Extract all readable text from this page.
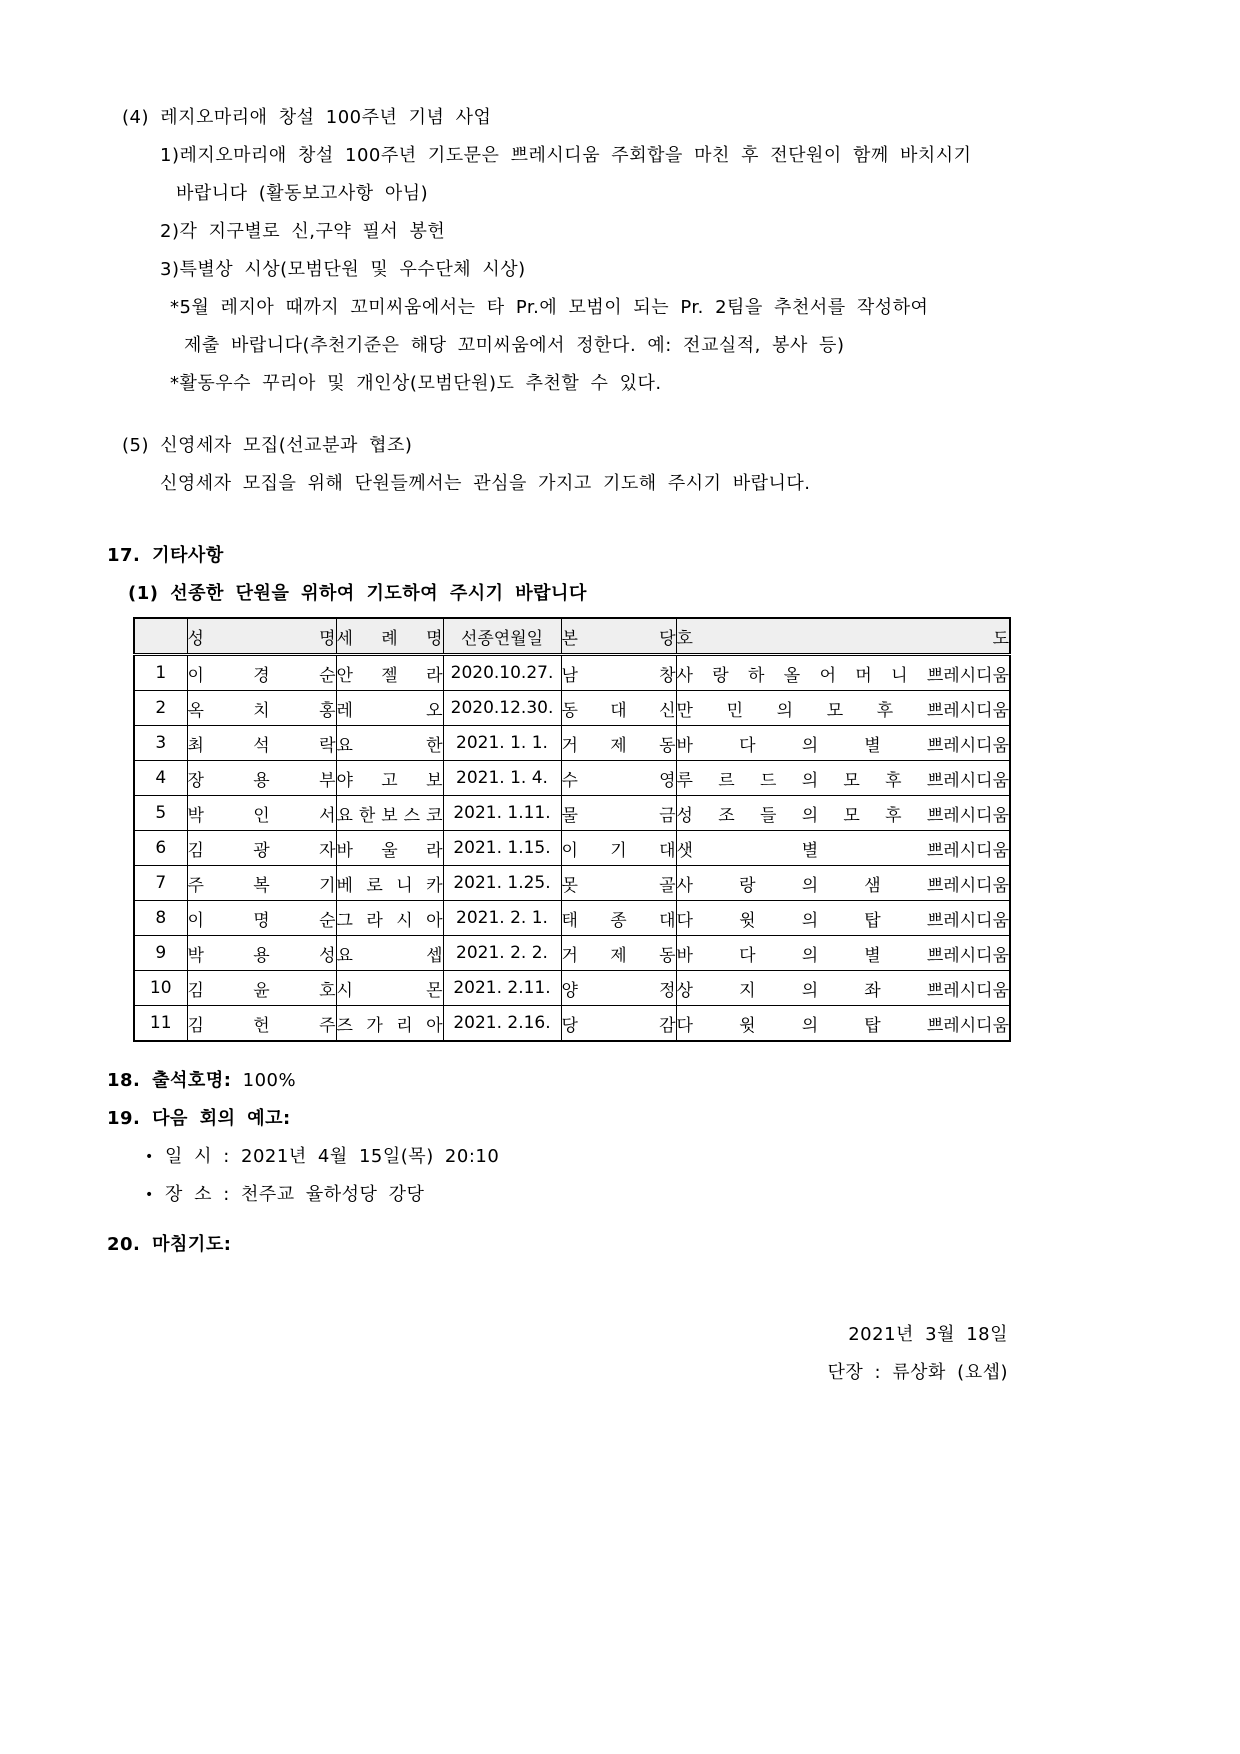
(4) 레지오마리애 창설 100주년 기념 사업
1)레지오마리애 창설 100주년 기도문은 쁘레시디움 주회합을 마친 후 전단원이 함께 바치시기
바랍니다 (활동보고사항 아님)
2)각 지구별로 신,구약 필서 봉헌
3)특별상 시상(모범단원 및 우수단체 시상)
*5월 레지아 때까지 꼬미씨움에서는 타 Pr.에 모범이 되는 Pr. 2팀을 추천서를 작성하여
제출 바랍니다(추천기준은 해당 꼬미씨움에서 정한다. 예: 전교실적, 봉사 등)
*활동우수 꾸리아 및 개인상(모범단원)도 추천할 수 있다.
(5) 신영세자 모집(선교분과 협조)
신영세자 모집을 위해 단원들께서는 관심을 가지고 기도해 주시기 바랍니다.
17. 기타사항
(1) 선종한 단원을 위하여 기도하여 주시기 바랍니다
	성 명	세 례 명	선종연월일	본 당	호 도
1	이 경 순	안 젤 라	2020.10.27.	남 창	사 랑 하 올 어 머 니 쁘레시디움
2	옥 치 홍	레 오	2020.12.30.	동 대 신	만 민 의 모 후 쁘레시디움
3	최 석 락	요 한	2021. 1. 1.	거 제 동	바 다 의 별 쁘레시디움
4	장 용 부	야 고 보	2021. 1. 4.	수 영	루 르 드 의 모 후 쁘레시디움
5	박 인 서	요 한 보 스 코	2021. 1.11.	물 금	성 조 들 의 모 후 쁘레시디움
6	김 광 자	바 울 라	2021. 1.15.	이 기 대	샛 별 쁘레시디움
7	주 복 기	베 로 니 카	2021. 1.25.	못 골	사 랑 의 샘 쁘레시디움
8	이 명 순	그 라 시 아	2021. 2. 1.	태 종 대	다 윗 의 탑 쁘레시디움
9	박 용 성	요 셉	2021. 2. 2.	거 제 동	바 다 의 별 쁘레시디움
10	김 윤 호	시 몬	2021. 2.11.	양 정	상 지 의 좌 쁘레시디움
11	김 헌 주	즈 가 리 아	2021. 2.16.	당 감	다 윗 의 탑 쁘레시디움
18. 출석호명: 100%
19. 다음 회의 예고:
• 일 시 : 2021년 4월 15일(목) 20:10
• 장 소 : 천주교 율하성당 강당
20. 마침기도:
2021년 3월 18일
단장 : 류상화 (요셉)
